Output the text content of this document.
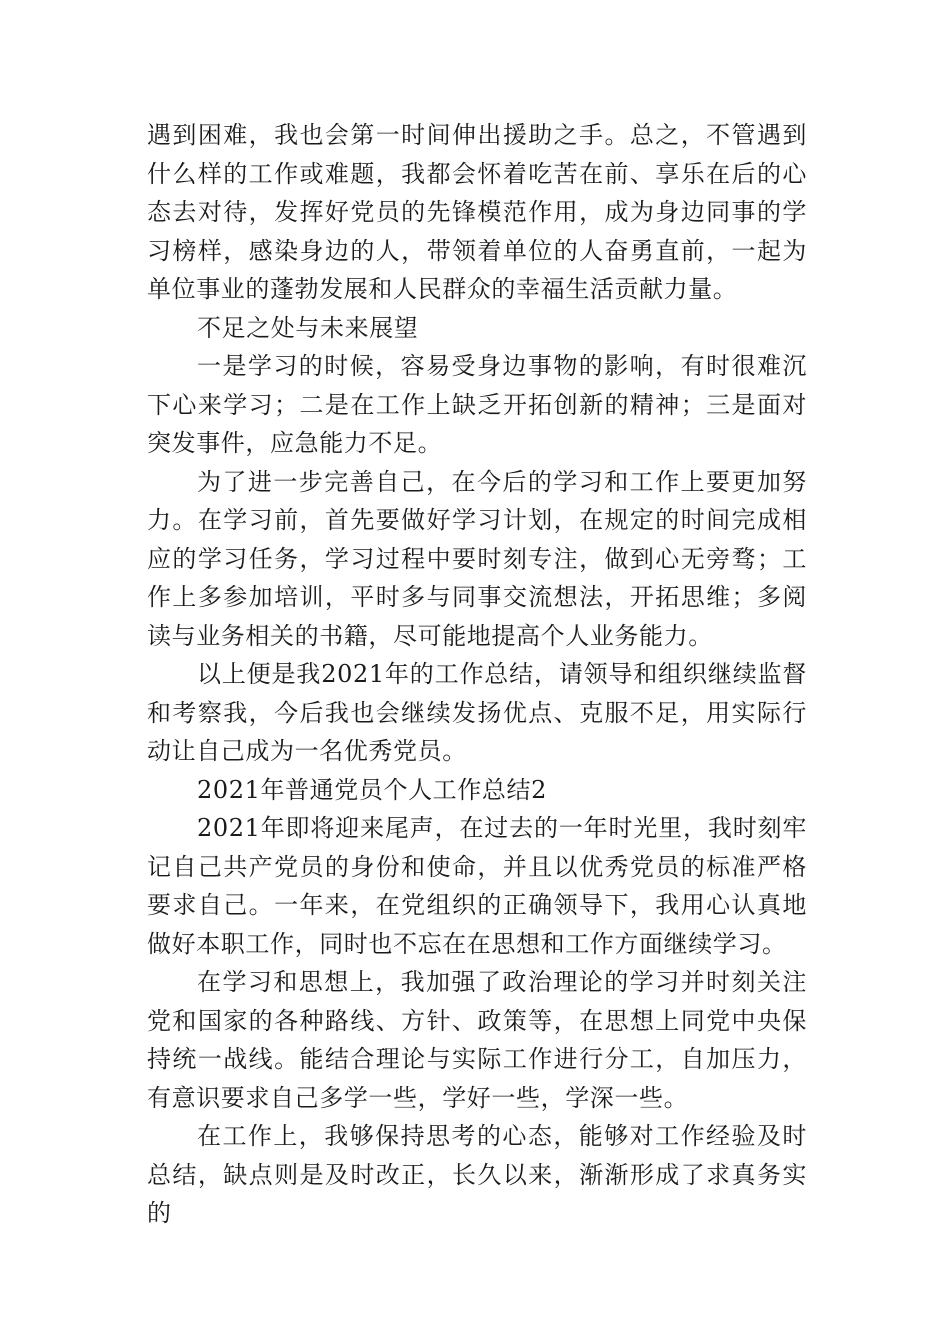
遇到困难，我也会第一时间伸出援助之手。总之，不管遇到什么样的工作或难题，我都会怀着吃苦在前、享乐在后的心态去对待，发挥好党员的先锋模范作用，成为身边同事的学习榜样，感染身边的人，带领着单位的人奋勇直前，一起为单位事业的蓬勃发展和人民群众的幸福生活贡献力量。

不足之处与未来展望

一是学习的时候，容易受身边事物的影响，有时很难沉下心来学习；二是在工作上缺乏开拓创新的精神；三是面对突发事件，应急能力不足。

为了进一步完善自己，在今后的学习和工作上要更加努力。在学习前，首先要做好学习计划，在规定的时间完成相应的学习任务，学习过程中要时刻专注，做到心无旁骛；工作上多参加培训，平时多与同事交流想法，开拓思维；多阅读与业务相关的书籍，尽可能地提高个人业务能力。

以上便是我2021年的工作总结，请领导和组织继续监督和考察我，今后我也会继续发扬优点、克服不足，用实际行动让自己成为一名优秀党员。

2021年普通党员个人工作总结2

2021年即将迎来尾声，在过去的一年时光里，我时刻牢记自己共产党员的身份和使命，并且以优秀党员的标准严格要求自己。一年来，在党组织的正确领导下，我用心认真地做好本职工作，同时也不忘在在思想和工作方面继续学习。

在学习和思想上，我加强了政治理论的学习并时刻关注党和国家的各种路线、方针、政策等，在思想上同党中央保持统一战线。能结合理论与实际工作进行分工，自加压力，有意识要求自己多学一些，学好一些，学深一些。

在工作上，我够保持思考的心态，能够对工作经验及时总结，缺点则是及时改正，长久以来，渐渐形成了求真务实的
